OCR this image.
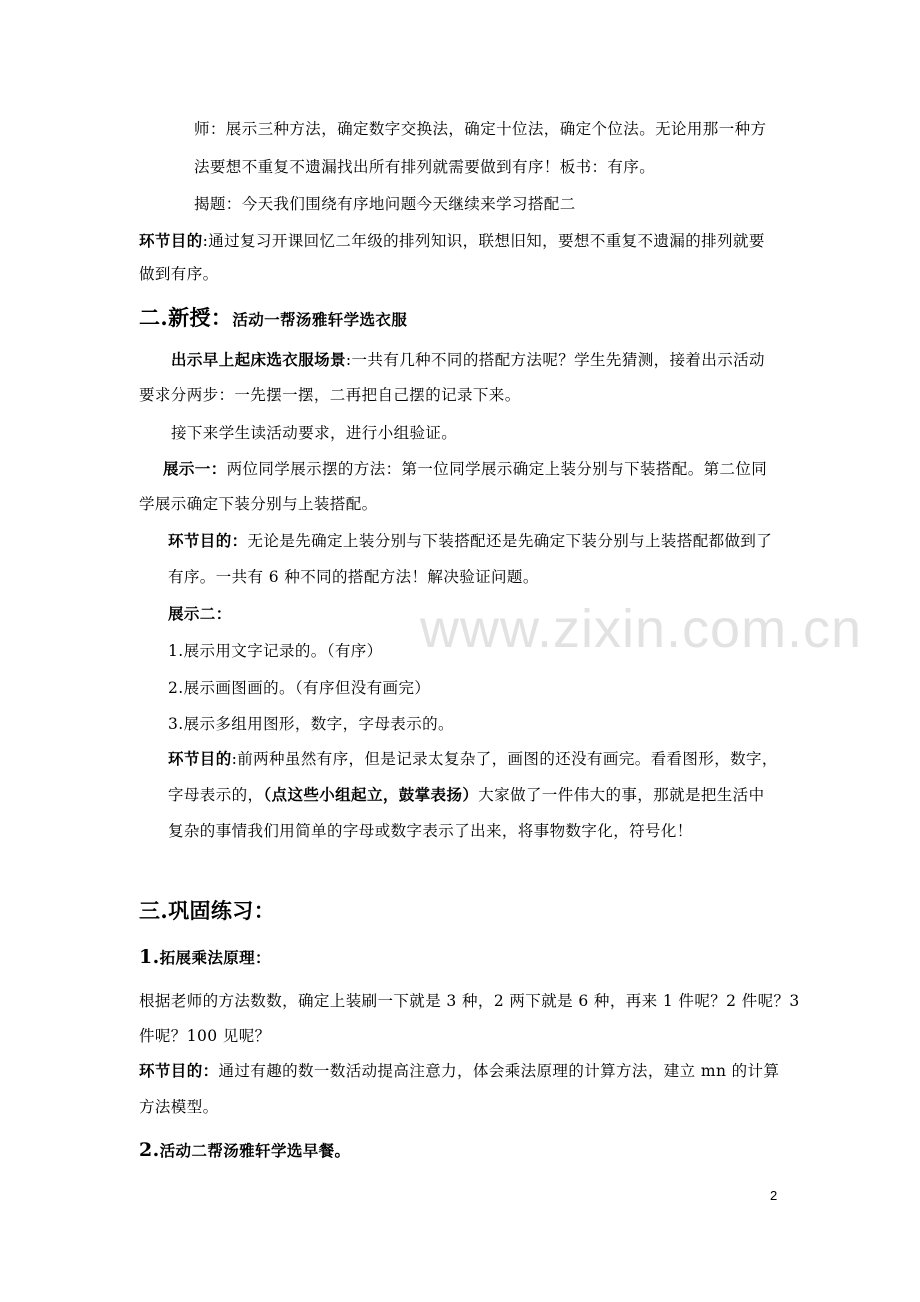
师：展示三种方法，确定数字交换法，确定十位法，确定个位法。无论用那一种方

法要想不重复不遗漏找出所有排列就需要做到有序！板书：有序。

揭题：今天我们围绕有序地问题今天继续来学习搭配二

环节目的:通过复习开课回忆二年级的排列知识，联想旧知，要想不重复不遗漏的排列就要

做到有序。

二.新授：活动一帮汤雅轩学选衣服

出示早上起床选衣服场景:一共有几种不同的搭配方法呢？学生先猜测，接着出示活动

要求分两步：一先摆一摆，二再把自己摆的记录下来。

接下来学生读活动要求，进行小组验证。

展示一：两位同学展示摆的方法：第一位同学展示确定上装分别与下装搭配。第二位同

学展示确定下装分别与上装搭配。

环节目的：无论是先确定上装分别与下装搭配还是先确定下装分别与上装搭配都做到了

有序。一共有 6 种不同的搭配方法！解决验证问题。

展示二：

1.展示用文字记录的。（有序）

2.展示画图画的。（有序但没有画完）

3.展示多组用图形，数字，字母表示的。

环节目的:前两种虽然有序，但是记录太复杂了，画图的还没有画完。看看图形，数字，

字母表示的，（点这些小组起立，鼓掌表扬）大家做了一件伟大的事，那就是把生活中

复杂的事情我们用简单的字母或数字表示了出来，将事物数字化，符号化！

三.巩固练习：

1.拓展乘法原理：

根据老师的方法数数，确定上装刷一下就是 3 种，2 两下就是 6 种，再来 1 件呢？2 件呢？3

件呢？100 见呢？

环节目的：通过有趣的数一数活动提高注意力，体会乘法原理的计算方法，建立 mn 的计算

方法模型。

2.活动二帮汤雅轩学选早餐。

www.zixin.com.cn
2
